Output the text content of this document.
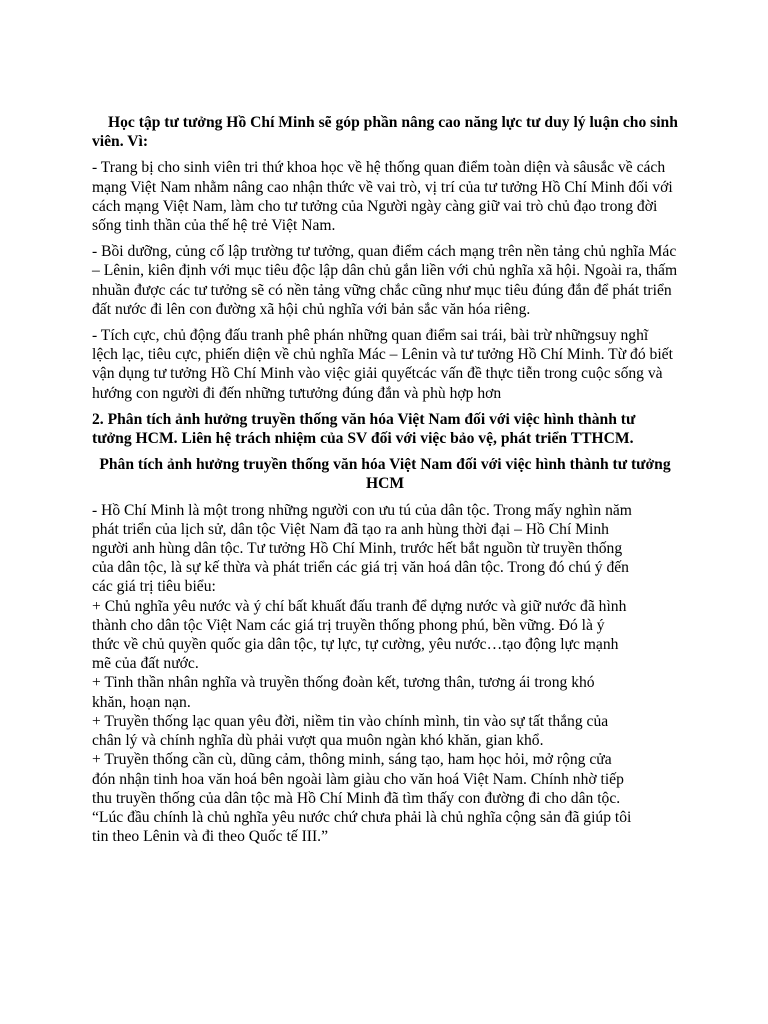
Học tập tư tưởng Hồ Chí Minh sẽ góp phần nâng cao năng lực tư duy lý luận cho sinh viên. Vì:

- Trang bị cho sinh viên tri thứ khoa học về hệ thống quan điểm toàn diện và sâusắc về cách mạng Việt Nam nhằm nâng cao nhận thức về vai trò, vị trí của tư tưởng Hồ Chí Minh đối với cách mạng Việt Nam, làm cho tư tưởng của Người ngày càng giữ vai trò chủ đạo trong đời sống tinh thần của thế hệ trẻ Việt Nam.

- Bồi dưỡng, củng cố lập trường tư tưởng, quan điểm cách mạng trên nền tảng chủ nghĩa Mác – Lênin, kiên định với mục tiêu độc lập dân chủ gắn liền với chủ nghĩa xã hội. Ngoài ra, thấm nhuần được các tư tưởng sẽ có nền tảng vững chắc cũng như mục tiêu đúng đắn để phát triển đất nước đi lên con đường xã hội chủ nghĩa với bản sắc văn hóa riêng.

- Tích cực, chủ động đấu tranh phê phán những quan điểm sai trái, bài trừ nhữngsuy nghĩ lệch lạc, tiêu cực, phiến diện về chủ nghĩa Mác – Lênin và tư tưởng Hồ Chí Minh. Từ đó biết vận dụng tư tưởng Hồ Chí Minh vào việc giải quyếtcác vấn đề thực tiễn trong cuộc sống và hướng con người đi đến những tưtưởng đúng đắn và phù hợp hơn

2. Phân tích ảnh hưởng truyền thống văn hóa Việt Nam đối với việc hình thành tư tưởng HCM. Liên hệ trách nhiệm của SV đối với việc bảo vệ, phát triển TTHCM.

Phân tích ảnh hưởng truyền thống văn hóa Việt Nam đối với việc hình thành tư tưởng HCM

- Hồ Chí Minh là một trong những người con ưu tú của dân tộc. Trong mấy nghìn năm
phát triển của lịch sử, dân tộc Việt Nam đã tạo ra anh hùng thời đại – Hồ Chí Minh
người anh hùng dân tộc. Tư tưởng Hồ Chí Minh, trước hết bắt nguồn từ truyền thống
của dân tộc, là sự kế thừa và phát triển các giá trị văn hoá dân tộc. Trong đó chú ý đến
các giá trị tiêu biểu:
+ Chủ nghĩa yêu nước và ý chí bất khuất đấu tranh để dựng nước và giữ nước đã hình
thành cho dân tộc Việt Nam các giá trị truyền thống phong phú, bền vững. Đó là ý
thức về chủ quyền quốc gia dân tộc, tự lực, tự cường, yêu nước…tạo động lực mạnh
mẽ của đất nước.
+ Tinh thần nhân nghĩa và truyền thống đoàn kết, tương thân, tương ái trong khó
khăn, hoạn nạn.
+ Truyền thống lạc quan yêu đời, niềm tin vào chính mình, tin vào sự tất thắng của
chân lý và chính nghĩa dù phải vượt qua muôn ngàn khó khăn, gian khổ.
+ Truyền thống cần cù, dũng cảm, thông minh, sáng tạo, ham học hỏi, mở rộng cửa
đón nhận tinh hoa văn hoá bên ngoài làm giàu cho văn hoá Việt Nam. Chính nhờ tiếp
thu truyền thống của dân tộc mà Hồ Chí Minh đã tìm thấy con đường đi cho dân tộc.
“Lúc đầu chính là chủ nghĩa yêu nước chứ chưa phải là chủ nghĩa cộng sản đã giúp tôi
tin theo Lênin và đi theo Quốc tế III.”
